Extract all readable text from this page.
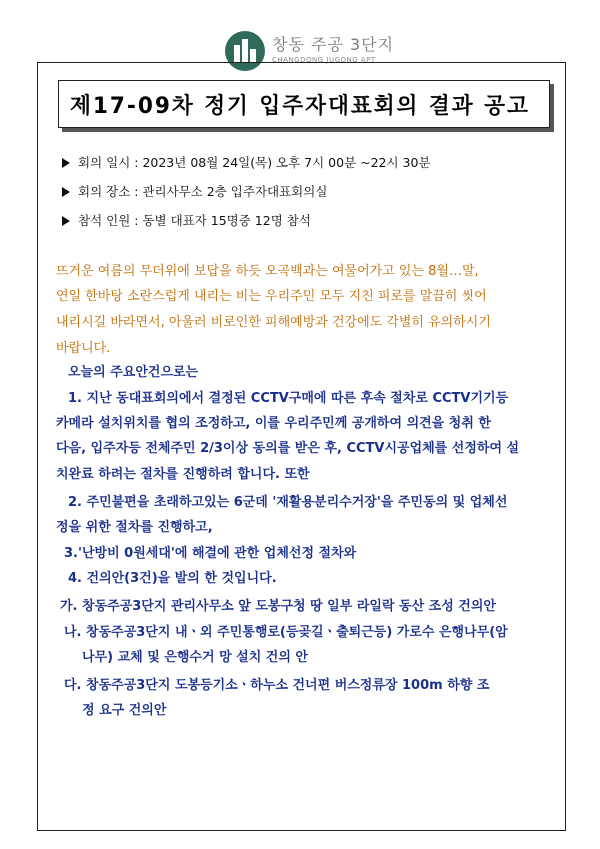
창동 주공 3단지
CHANGDONG JUGONG APT
제17-09차 정기 입주자대표회의 결과 공고
회의 일시 : 2023년 08월 24일(목) 오후 7시 00분 ~22시 30분
회의 장소 : 관리사무소 2층 입주자대표회의실
참석 인원 : 동별 대표자 15명중 12명 참석
뜨거운 여름의 무더위에 보답을 하듯 오곡백과는 여물어가고 있는 8월…말,
연일 한바탕 소란스럽게 내리는 비는 우리주민 모두 지친 피로를 말끔히 씻어
내리시길 바라면서, 아울러 비로인한 피해예방과 건강에도 각별히 유의하시기
바랍니다.
오늘의 주요안건으로는
1. 지난 동대표회의에서 결정된 CCTV구매에 따른 후속 절차로 CCTV기기등
카메라 설치위치를 협의 조정하고, 이를 우리주민께 공개하여 의견을 청취 한
다음, 입주자등 전체주민 2/3이상 동의를 받은 후, CCTV시공업체를 선정하여 설
치완료 하려는 절차를 진행하려 합니다. 또한
2. 주민불편을 초래하고있는 6군데 '재활용분리수거장'을 주민동의 및 업체선
정을 위한 절차를 진행하고,
3.'난방비 0원세대'에 해결에 관한 업체선정 절차와
4. 건의안(3건)을 발의 한 것입니다.
가. 창동주공3단지 관리사무소 앞 도봉구청 땅 일부 라일락 동산 조성 건의안
나. 창동주공3단지 내ㆍ외 주민통행로(등곶길ㆍ출퇴근등) 가로수 은행나무(암
나무) 교체 및 은행수거 망 설치 건의 안
다. 창동주공3단지 도봉등기소ㆍ하누소 건너편 버스정류장 100m 하향 조
정 요구 건의안
